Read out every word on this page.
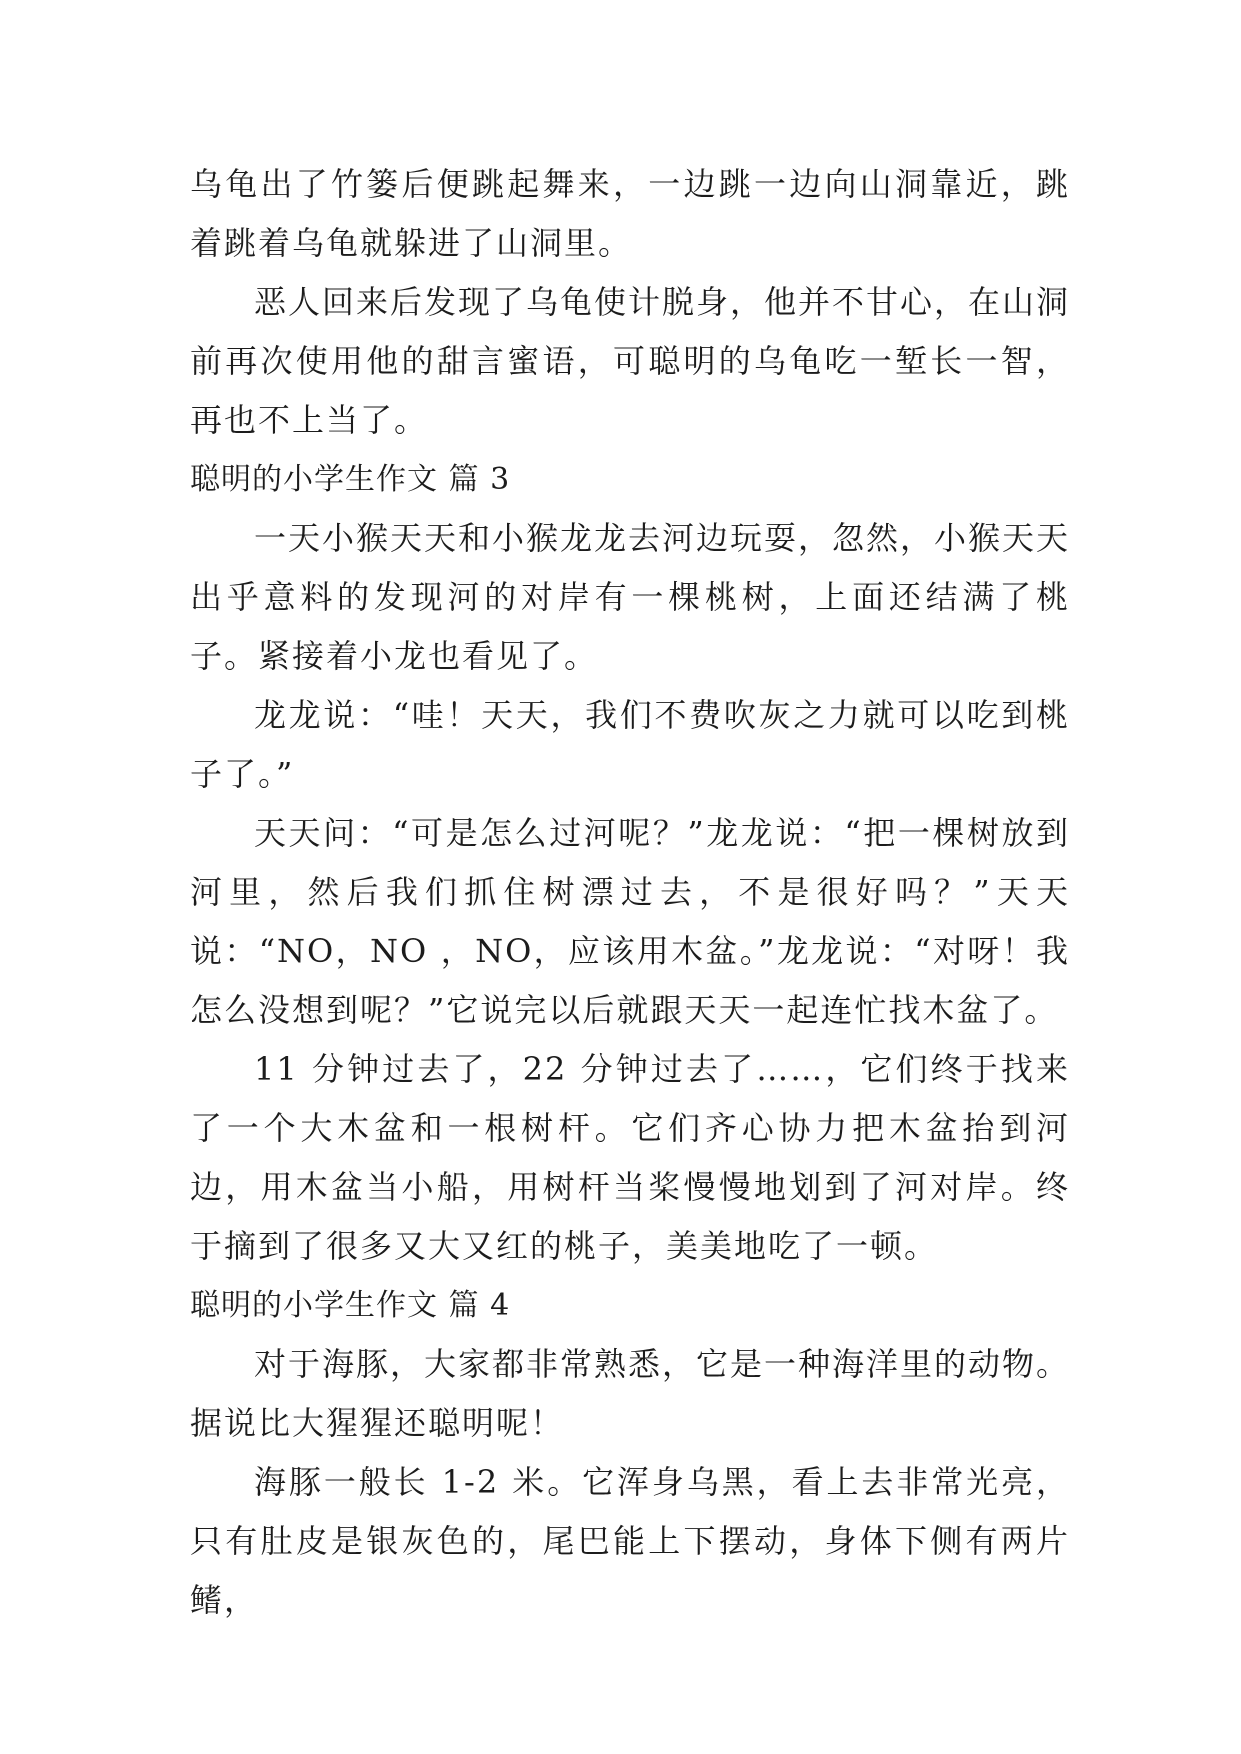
乌龟出了竹篓后便跳起舞来，一边跳一边向山洞靠近，跳着跳着乌龟就躲进了山洞里。

恶人回来后发现了乌龟使计脱身，他并不甘心，在山洞前再次使用他的甜言蜜语，可聪明的乌龟吃一堑长一智，再也不上当了。

聪明的小学生作文 篇 3

一天小猴天天和小猴龙龙去河边玩耍，忽然，小猴天天出乎意料的发现河的对岸有一棵桃树，上面还结满了桃子。紧接着小龙也看见了。

龙龙说：“哇！天天，我们不费吹灰之力就可以吃到桃子了。”

天天问：“可是怎么过河呢？”龙龙说：“把一棵树放到河里，然后我们抓住树漂过去，不是很好吗？”天天说：“NO，NO ，NO，应该用木盆。”龙龙说：“对呀！我怎么没想到呢？”它说完以后就跟天天一起连忙找木盆了。

11 分钟过去了，22 分钟过去了……，它们终于找来了一个大木盆和一根树杆。它们齐心协力把木盆抬到河边，用木盆当小船，用树杆当桨慢慢地划到了河对岸。终于摘到了很多又大又红的桃子，美美地吃了一顿。

聪明的小学生作文 篇 4

对于海豚，大家都非常熟悉，它是一种海洋里的动物。据说比大猩猩还聪明呢！

海豚一般长 1-2 米。它浑身乌黑，看上去非常光亮，只有肚皮是银灰色的，尾巴能上下摆动，身体下侧有两片鳍，
